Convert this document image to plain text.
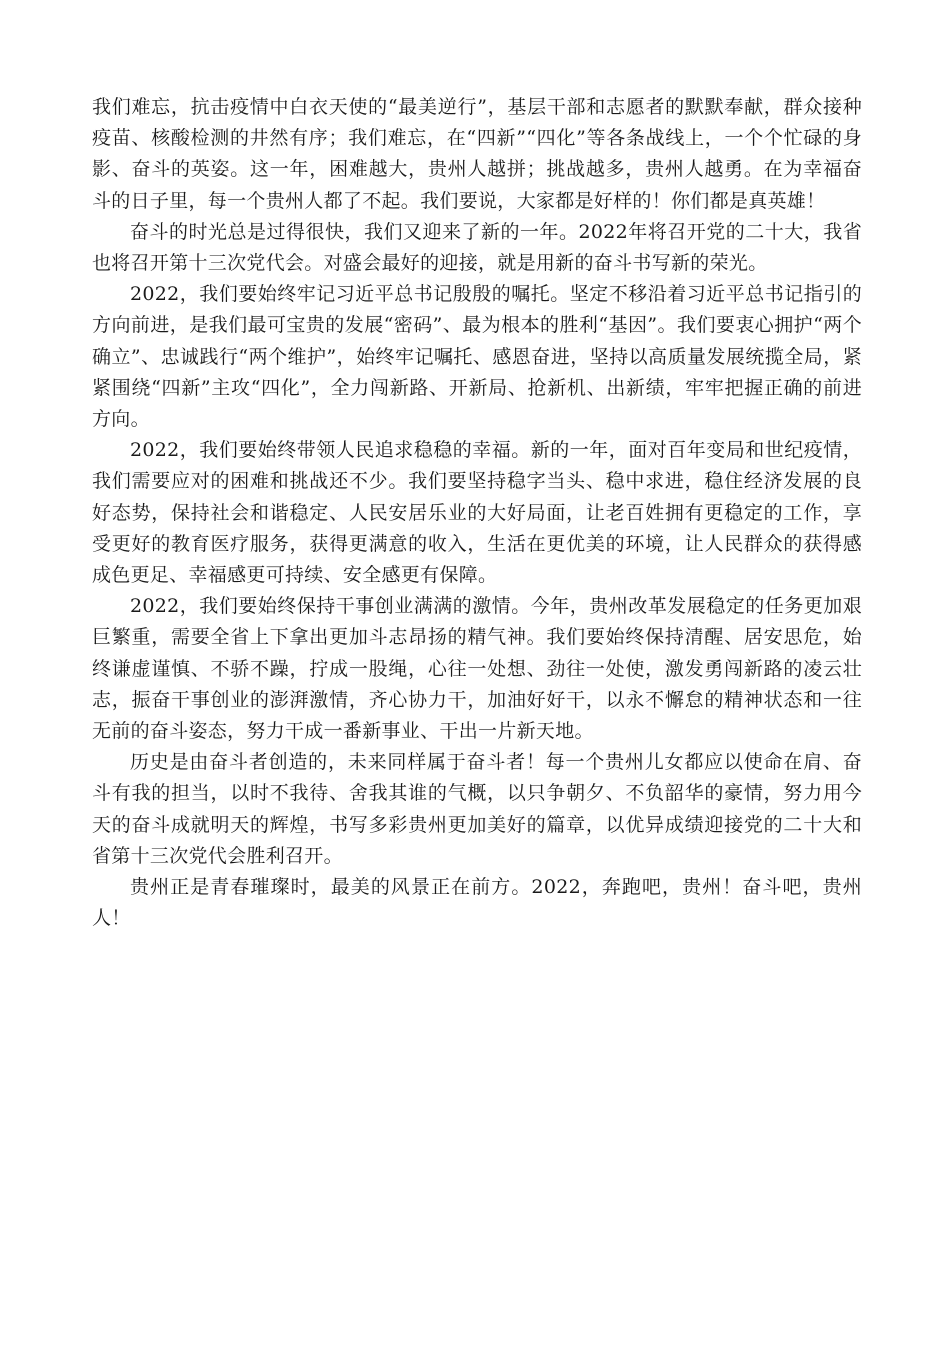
我们难忘，抗击疫情中白衣天使的“最美逆行”，基层干部和志愿者的默默奉献，群众接种疫苗、核酸检测的井然有序；我们难忘，在“四新”“四化”等各条战线上，一个个忙碌的身影、奋斗的英姿。这一年，困难越大，贵州人越拼；挑战越多，贵州人越勇。在为幸福奋斗的日子里，每一个贵州人都了不起。我们要说，大家都是好样的！你们都是真英雄！

奋斗的时光总是过得很快，我们又迎来了新的一年。2022年将召开党的二十大，我省也将召开第十三次党代会。对盛会最好的迎接，就是用新的奋斗书写新的荣光。

2022，我们要始终牢记习近平总书记殷殷的嘱托。坚定不移沿着习近平总书记指引的方向前进，是我们最可宝贵的发展“密码”、最为根本的胜利“基因”。我们要衷心拥护“两个确立”、忠诚践行“两个维护”，始终牢记嘱托、感恩奋进，坚持以高质量发展统揽全局，紧紧围绕“四新”主攻“四化”，全力闯新路、开新局、抢新机、出新绩，牢牢把握正确的前进方向。

2022，我们要始终带领人民追求稳稳的幸福。新的一年，面对百年变局和世纪疫情，我们需要应对的困难和挑战还不少。我们要坚持稳字当头、稳中求进，稳住经济发展的良好态势，保持社会和谐稳定、人民安居乐业的大好局面，让老百姓拥有更稳定的工作，享受更好的教育医疗服务，获得更满意的收入，生活在更优美的环境，让人民群众的获得感成色更足、幸福感更可持续、安全感更有保障。

2022，我们要始终保持干事创业满满的激情。今年，贵州改革发展稳定的任务更加艰巨繁重，需要全省上下拿出更加斗志昂扬的精气神。我们要始终保持清醒、居安思危，始终谦虚谨慎、不骄不躁，拧成一股绳，心往一处想、劲往一处使，激发勇闯新路的凌云壮志，振奋干事创业的澎湃激情，齐心协力干，加油好好干，以永不懈怠的精神状态和一往无前的奋斗姿态，努力干成一番新事业、干出一片新天地。

历史是由奋斗者创造的，未来同样属于奋斗者！每一个贵州儿女都应以使命在肩、奋斗有我的担当，以时不我待、舍我其谁的气概，以只争朝夕、不负韶华的豪情，努力用今天的奋斗成就明天的辉煌，书写多彩贵州更加美好的篇章，以优异成绩迎接党的二十大和省第十三次党代会胜利召开。

贵州正是青春璀璨时，最美的风景正在前方。2022，奔跑吧，贵州！奋斗吧，贵州人！
